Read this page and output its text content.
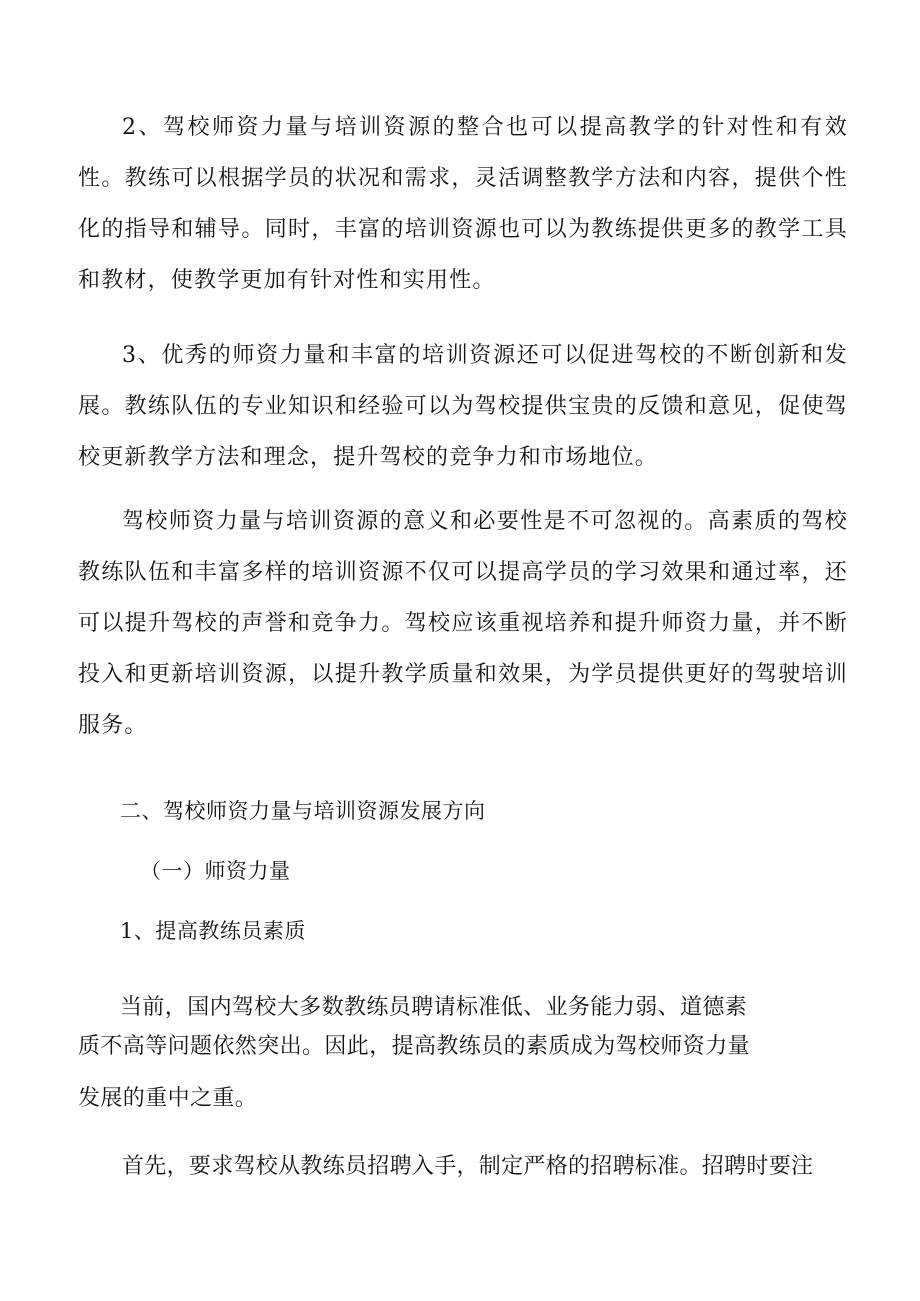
2、驾校师资力量与培训资源的整合也可以提高教学的针对性和有效性。教练可以根据学员的状况和需求，灵活调整教学方法和内容，提供个性化的指导和辅导。同时，丰富的培训资源也可以为教练提供更多的教学工具和教材，使教学更加有针对性和实用性。

3、优秀的师资力量和丰富的培训资源还可以促进驾校的不断创新和发展。教练队伍的专业知识和经验可以为驾校提供宝贵的反馈和意见，促使驾校更新教学方法和理念，提升驾校的竞争力和市场地位。

驾校师资力量与培训资源的意义和必要性是不可忽视的。高素质的驾校教练队伍和丰富多样的培训资源不仅可以提高学员的学习效果和通过率，还可以提升驾校的声誉和竞争力。驾校应该重视培养和提升师资力量，并不断投入和更新培训资源，以提升教学质量和效果，为学员提供更好的驾驶培训服务。

二、驾校师资力量与培训资源发展方向

（一）师资力量

1、提高教练员素质

当前，国内驾校大多数教练员聘请标准低、业务能力弱、道德素

质不高等问题依然突出。因此，提高教练员的素质成为驾校师资力量

发展的重中之重。

首先，要求驾校从教练员招聘入手，制定严格的招聘标准。招聘时要注
